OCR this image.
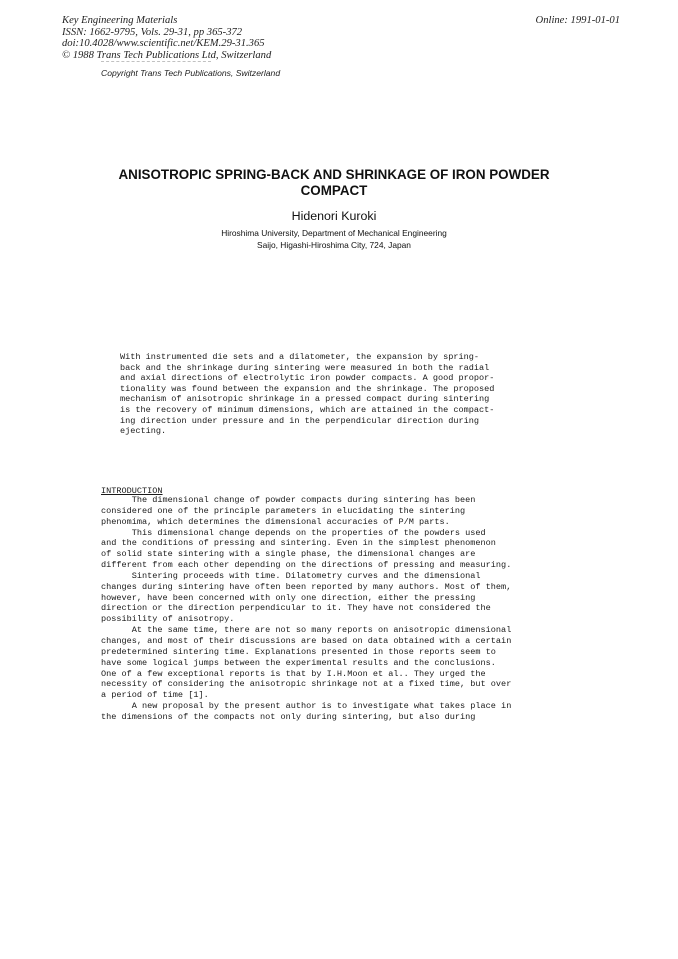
Key Engineering Materials
ISSN: 1662-9795, Vols. 29-31, pp 365-372
doi:10.4028/www.scientific.net/KEM.29-31.365
© 1988 Trans Tech Publications Ltd, Switzerland
Online: 1991-01-01
Copyright Trans Tech Publications, Switzerland
ANISOTROPIC SPRING-BACK AND SHRINKAGE OF IRON POWDER COMPACT
Hidenori Kuroki
Hiroshima University, Department of Mechanical Engineering
Saijo, Higashi-Hiroshima City, 724, Japan
With instrumented die sets and a dilatometer, the expansion by spring-
back and the shrinkage during sintering were measured in both the radial
and axial directions of electrolytic iron powder compacts. A good propor-
tionality was found between the expansion and the shrinkage. The proposed
mechanism of anisotropic shrinkage in a pressed compact during sintering
is the recovery of minimum dimensions, which are attained in the compact-
ing direction under pressure and in the perpendicular direction during
ejecting.
INTRODUCTION
The dimensional change of powder compacts during sintering has been
considered one of the principle parameters in elucidating the sintering
phenomima, which determines the dimensional accuracies of P/M parts.
This dimensional change depends on the properties of the powders used
and the conditions of pressing and sintering. Even in the simplest phenomenon
of solid state sintering with a single phase, the dimensional changes are
different from each other depending on the directions of pressing and measuring.
Sintering proceeds with time. Dilatometry curves and the dimensional
changes during sintering have often been reported by many authors. Most of them,
however, have been concerned with only one direction, either the pressing
direction or the direction perpendicular to it. They have not considered the
possibility of anisotropy.
At the same time, there are not so many reports on anisotropic dimensional
changes, and most of their discussions are based on data obtained with a certain
predetermined sintering time. Explanations presented in those reports seem to
have some logical jumps between the experimental results and the conclusions.
One of a few exceptional reports is that by I.H.Moon et al.. They urged the
necessity of considering the anisotropic shrinkage not at a fixed time, but over
a period of time [1].
A new proposal by the present author is to investigate what takes place in
the dimensions of the compacts not only during sintering, but also during
